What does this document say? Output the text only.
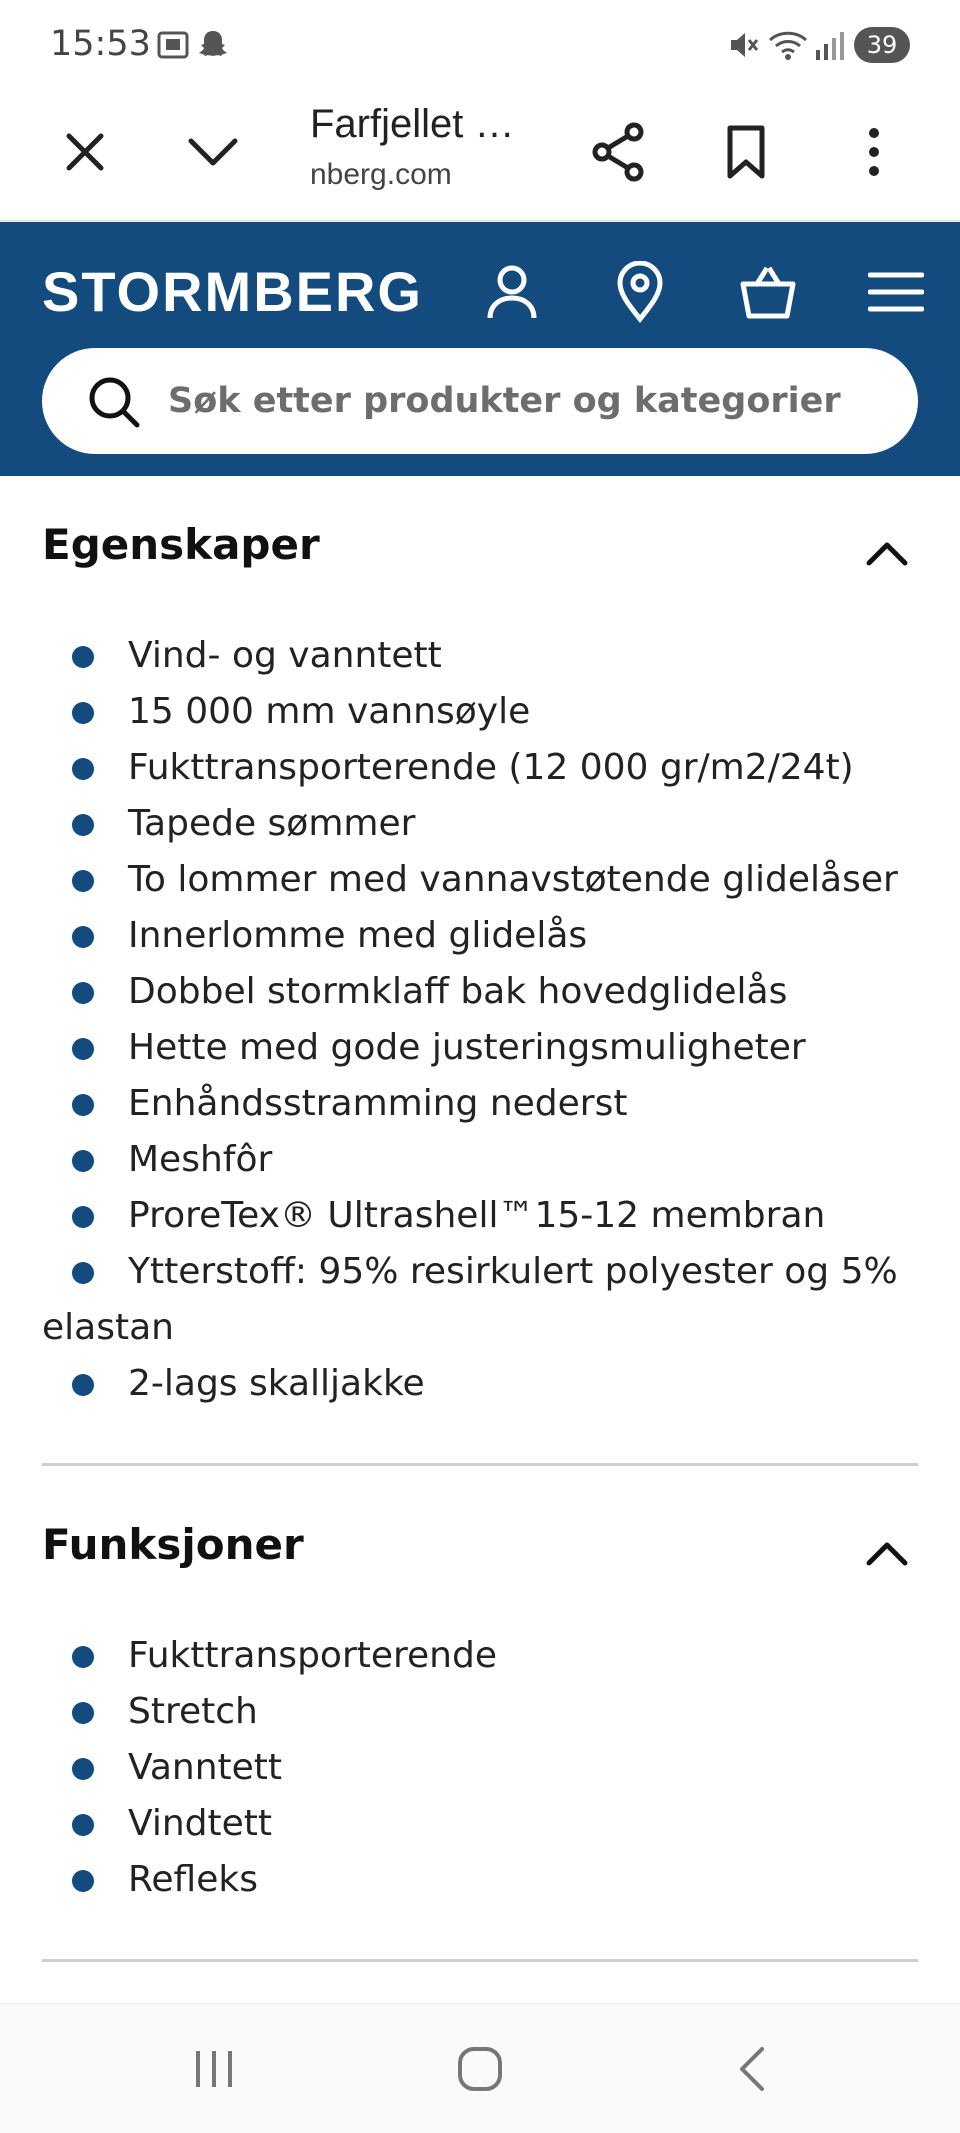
15:53	39
Farfjellet …
nberg.com
STORMBERG
Søk etter produkter og kategorier
Egenskaper
Vind- og vanntett
15 000 mm vannsøyle
Fukttransporterende (12 000 gr/m2/24t)
Tapede sømmer
To lommer med vannavstøtende glidelåser
Innerlomme med glidelås
Dobbel stormklaff bak hovedglidelås
Hette med gode justeringsmuligheter
Enhåndsstramming nederst
Meshfôr
ProreTex® Ultrashell™15-12 membran
Ytterstoff: 95% resirkulert polyester og 5% elastan
2-lags skalljakke
Funksjoner
Fukttransporterende
Stretch
Vanntett
Vindtett
Refleks
